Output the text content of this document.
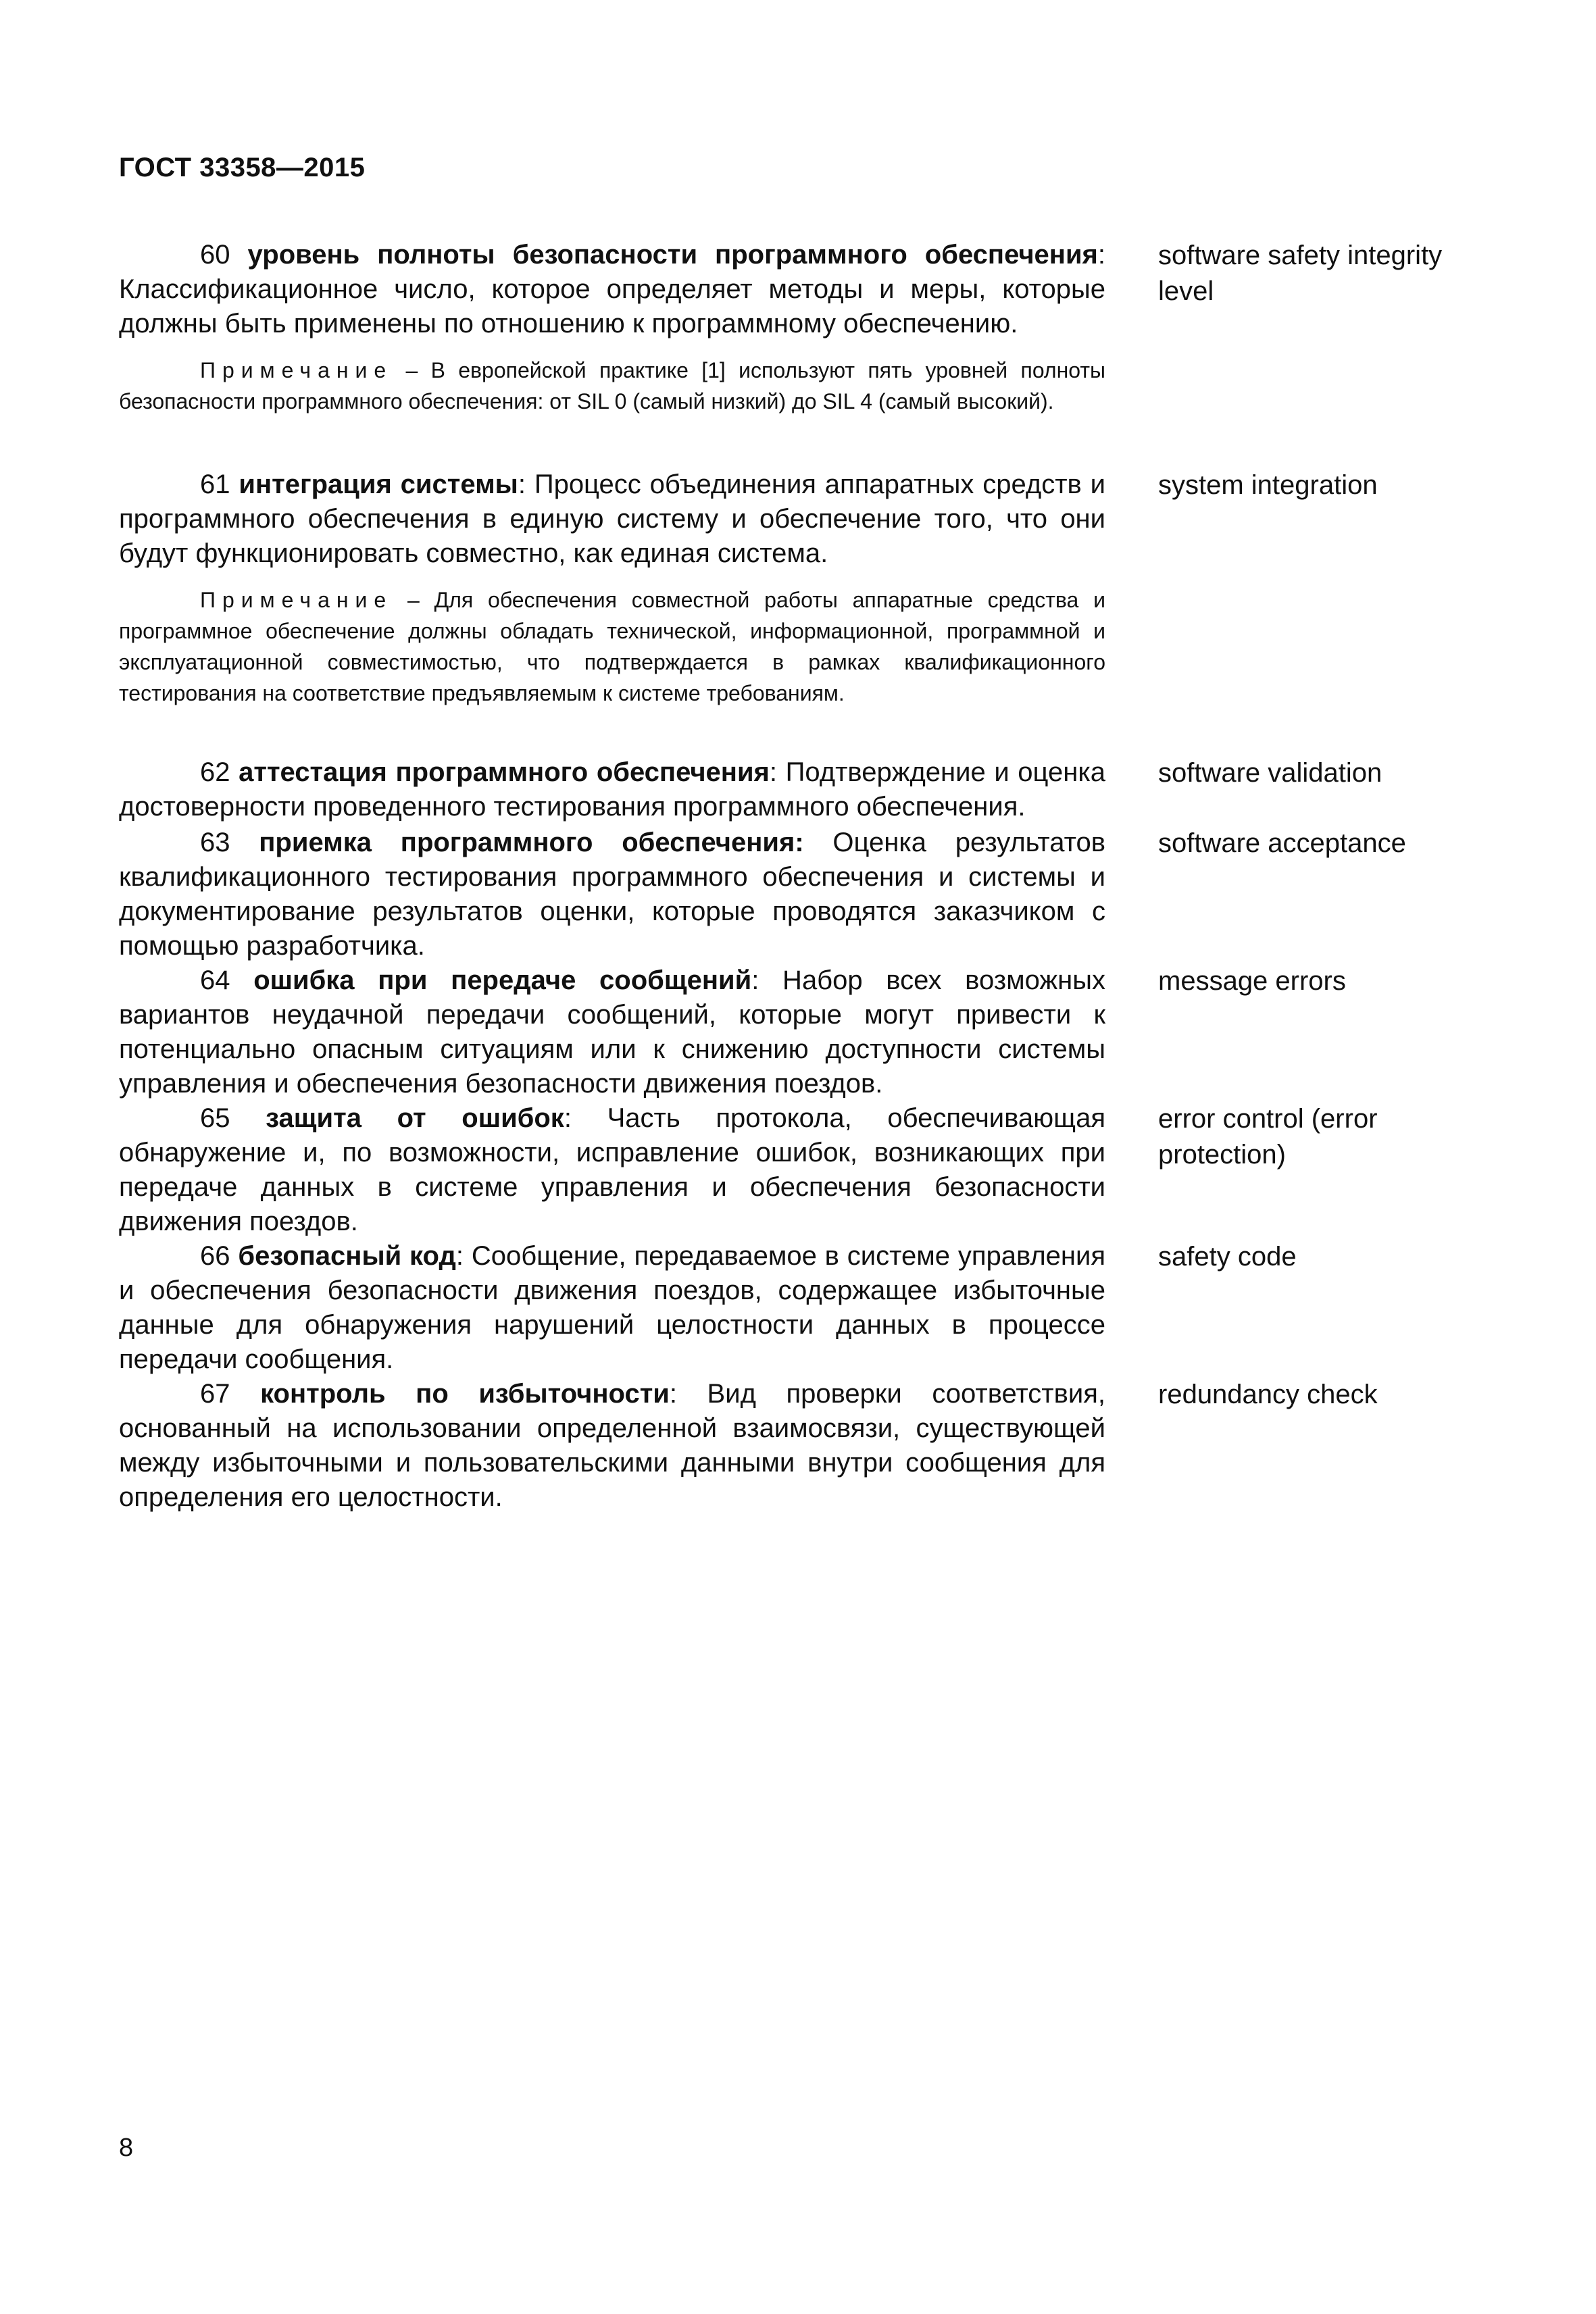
ГОСТ 33358—2015

60 уровень полноты безопасности программного обеспечения: Классификационное число, которое определяет методы и меры, которые должны быть применены по отношению к программному обеспечению.

Примечание – В европейской практике [1] используют пять уровней полноты безопасности программного обеспечения: от SIL 0 (самый низкий) до SIL 4 (самый высокий).

software safety integrity level

61 интеграция системы: Процесс объединения аппаратных средств и программного обеспечения в единую систему и обеспечение того, что они будут функционировать совместно, как единая система.

Примечание – Для обеспечения совместной работы аппаратные средства и программное обеспечение должны обладать технической, информационной, программной и эксплуатационной совместимостью, что подтверждается в рамках квалификационного тестирования на соответствие предъявляемым к системе требованиям.

system integration

62 аттестация программного обеспечения: Подтверждение и оценка достоверности проведенного тестирования программного обеспечения.

software validation

63 приемка программного обеспечения: Оценка результатов квалификационного тестирования программного обеспечения и системы и документирование результатов оценки, которые проводятся заказчиком с помощью разработчика.

software acceptance

64 ошибка при передаче сообщений: Набор всех возможных вариантов неудачной передачи сообщений, которые могут привести к потенциально опасным ситуациям или к снижению доступности системы управления и обеспечения безопасности движения поездов.

message errors

65 защита от ошибок: Часть протокола, обеспечивающая обнаружение и, по возможности, исправление ошибок, возникающих при передаче данных в системе управления и обеспечения безопасности движения поездов.

error control (error protection)

66 безопасный код: Сообщение, передаваемое в системе управления и обеспечения безопасности движения поездов, содержащее избыточные данные для обнаружения нарушений целостности данных в процессе передачи сообщения.

safety code

67 контроль по избыточности: Вид проверки соответствия, основанный на использовании определенной взаимосвязи, существующей между избыточными и пользовательскими данными внутри сообщения для определения его целостности.

redundancy check
8
